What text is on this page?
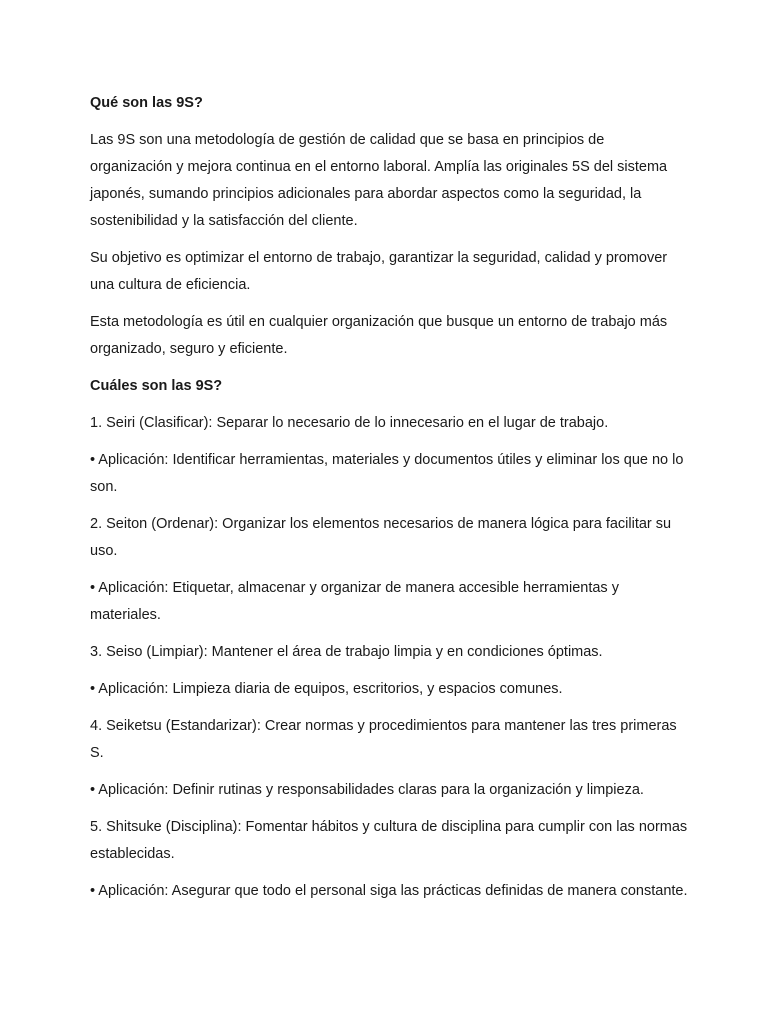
Qué son las 9S?
Las 9S son una metodología de gestión de calidad que se basa en principios de organización y mejora continua en el entorno laboral. Amplía las originales 5S del sistema japonés, sumando principios adicionales para abordar aspectos como la seguridad, la sostenibilidad y la satisfacción del cliente.
Su objetivo es optimizar el entorno de trabajo, garantizar la seguridad, calidad y promover una cultura de eficiencia.
Esta metodología es útil en cualquier organización que busque un entorno de trabajo más organizado, seguro y eficiente.
Cuáles son las 9S?
1. Seiri (Clasificar): Separar lo necesario de lo innecesario en el lugar de trabajo.
• Aplicación: Identificar herramientas, materiales y documentos útiles y eliminar los que no lo son.
2. Seiton (Ordenar): Organizar los elementos necesarios de manera lógica para facilitar su uso.
• Aplicación: Etiquetar, almacenar y organizar de manera accesible herramientas y materiales.
3. Seiso (Limpiar): Mantener el área de trabajo limpia y en condiciones óptimas.
• Aplicación: Limpieza diaria de equipos, escritorios, y espacios comunes.
4. Seiketsu (Estandarizar): Crear normas y procedimientos para mantener las tres primeras S.
• Aplicación: Definir rutinas y responsabilidades claras para la organización y limpieza.
5. Shitsuke (Disciplina): Fomentar hábitos y cultura de disciplina para cumplir con las normas establecidas.
• Aplicación: Asegurar que todo el personal siga las prácticas definidas de manera constante.
